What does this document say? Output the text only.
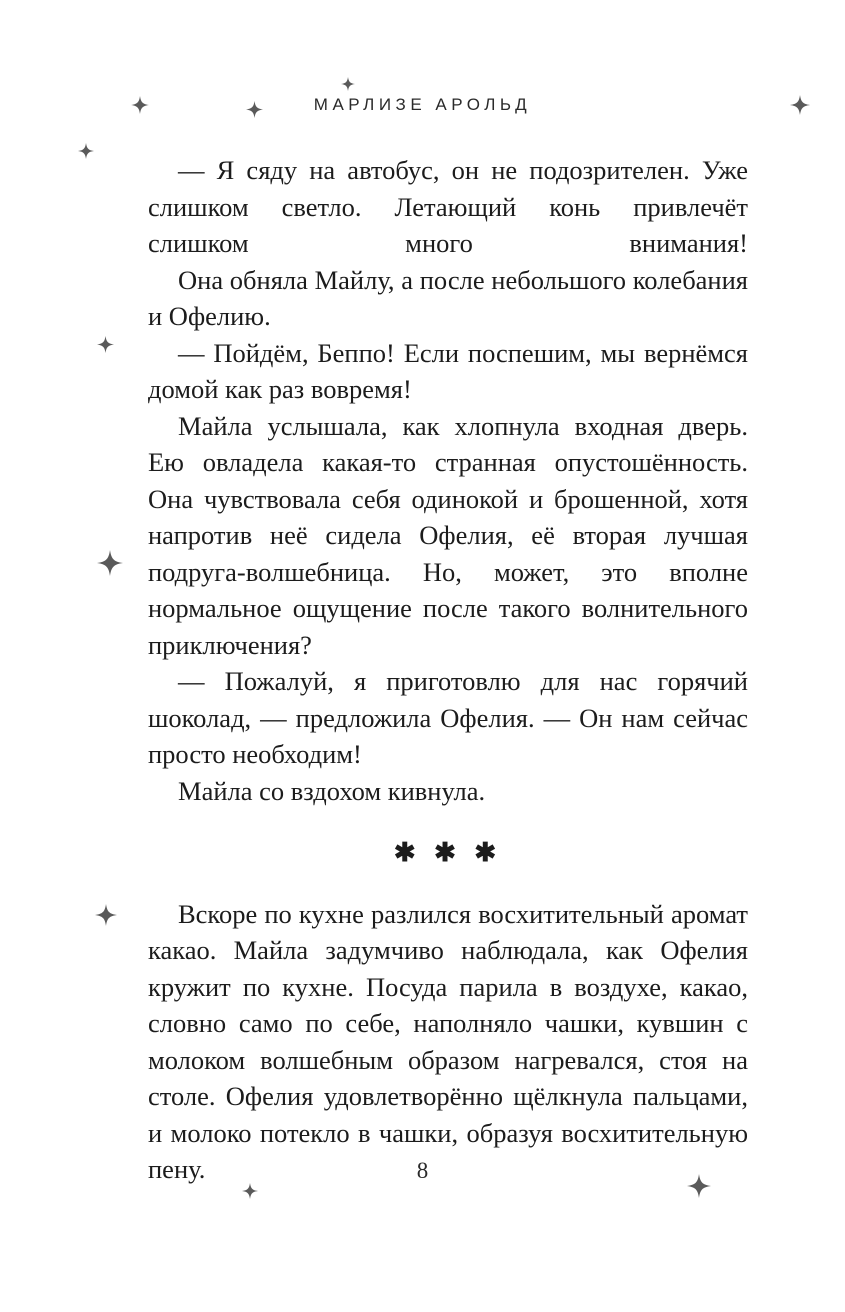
МАРЛИЗЕ АРОЛЬД

— Я сяду на автобус, он не подозрителен. Уже слишком светло. Летающий конь привлечёт слишком много внимания!

Она обняла Майлу, а после небольшого колебания и Офелию.

— Пойдём, Беппо! Если поспешим, мы вернёмся домой как раз вовремя!

Майла услышала, как хлопнула входная дверь. Ею овладела какая-то странная опустошённость. Она чувствовала себя одинокой и брошенной, хотя напротив неё сидела Офелия, её вторая лучшая подруга-волшебница. Но, может, это вполне нормальное ощущение после такого волнительного приключения?

— Пожалуй, я приготовлю для нас горячий шоколад, — предложила Офелия. — Он нам сейчас просто необходим!

Майла со вздохом кивнула.

✱ ✱ ✱

Вскоре по кухне разлился восхитительный аромат какао. Майла задумчиво наблюдала, как Офелия кружит по кухне. Посуда парила в воздухе, какао, словно само по себе, наполняло чашки, кувшин с молоком волшебным образом нагревался, стоя на столе. Офелия удовлетворённо щёлкнула пальцами, и молоко потекло в чашки, образуя восхитительную пену.	8
